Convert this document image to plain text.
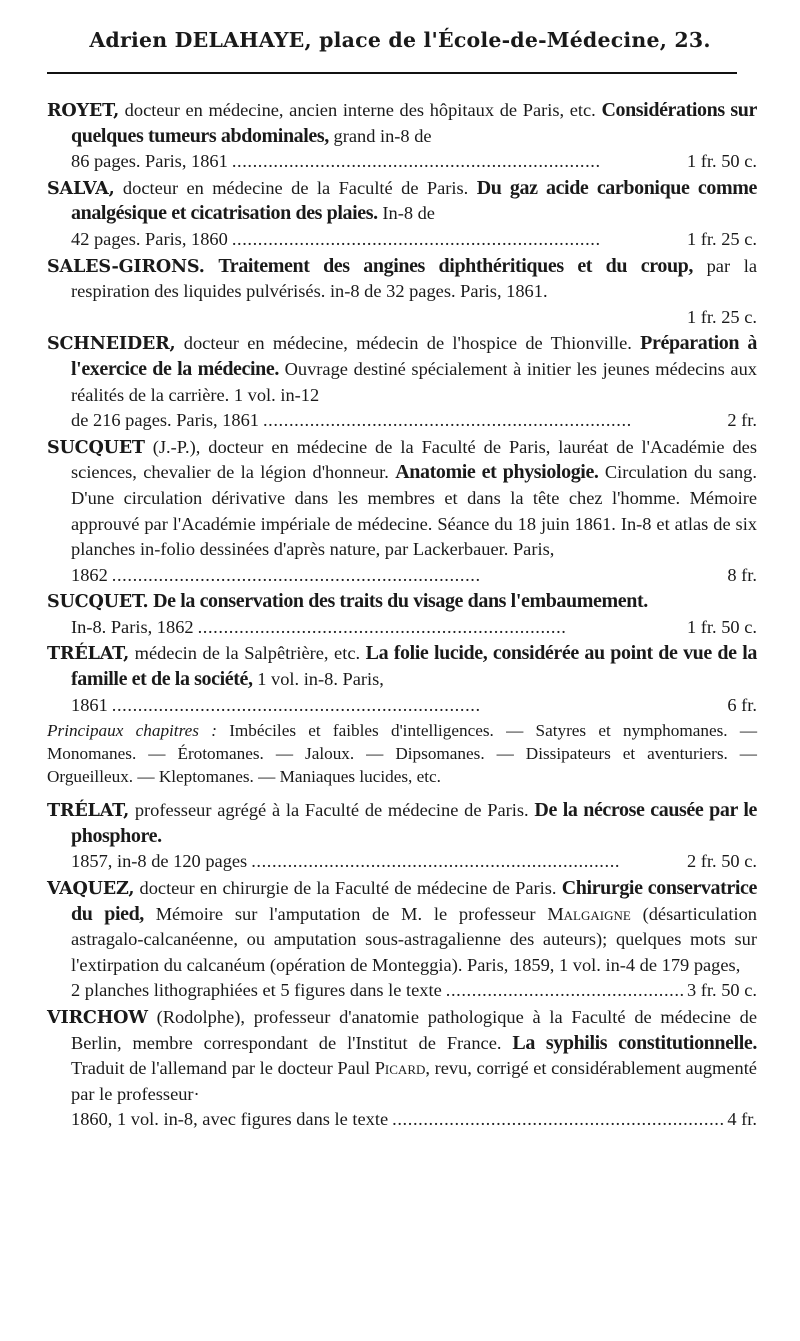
Adrien DELAHAYE, place de l'École-de-Médecine, 23.
ROYET, docteur en médecine, ancien interne des hôpitaux de Paris, etc. Considérations sur quelques tumeurs abdominales, grand in-8 de
86 pages. Paris, 1861 . . .	1 fr. 50 c.
SALVA, docteur en médecine de la Faculté de Paris. Du gaz acide carbonique comme analgésique et cicatrisation des plaies. In-8 de
42 pages. Paris, 1860 . . .	1 fr. 25 c.
SALES-GIRONS. Traitement des angines diphthéritiques et du croup, par la respiration des liquides pulvérisés. in-8 de 32 pages. Paris, 1861.
1 fr. 25 c.
SCHNEIDER, docteur en médecine, médecin de l'hospice de Thionville. Préparation à l'exercice de la médecine. Ouvrage destiné spécialement à initier les jeunes médecins aux réalités de la carrière. 1 vol. in-12
de 216 pages. Paris, 1861 . . .	2 fr.
SUCQUET (J.-P.), docteur en médecine de la Faculté de Paris, lauréat de l'Académie des sciences, chevalier de la légion d'honneur. Anatomie et physiologie. Circulation du sang. D'une circulation dérivative dans les membres et dans la tête chez l'homme. Mémoire approuvé par l'Académie impériale de médecine. Séance du 18 juin 1861. In-8 et atlas de six planches in-folio dessinées d'après nature, par Lackerbauer. Paris,
1862 . . .	8 fr.
SUCQUET. De la conservation des traits du visage dans l'embaumement.
In-8. Paris, 1862 . . .	1 fr. 50 c.
TRÉLAT, médecin de la Salpêtrière, etc. La folie lucide, considérée au point de vue de la famille et de la société, 1 vol. in-8. Paris,
1861 . . .	6 fr.
Principaux chapitres : Imbéciles et faibles d'intelligences. — Satyres et nymphomanes. — Monomanes. — Érotomanes. — Jaloux. — Dipsomanes. — Dissipateurs et aventuriers. — Orgueilleux. — Kleptomanes. — Maniaques lucides, etc.
TRÉLAT, professeur agrégé à la Faculté de médecine de Paris. De la nécrose causée par le phosphore.
1857, in-8 de 120 pages . . .	2 fr. 50 c.
VAQUEZ, docteur en chirurgie de la Faculté de médecine de Paris. Chirurgie conservatrice du pied, Mémoire sur l'amputation de M. le professeur Malgaigne (désarticulation astragalo-calcanéenne, ou amputation sous-astragalienne des auteurs); quelques mots sur l'extirpation du calcanéum (opération de Monteggia). Paris, 1859, 1 vol. in-4 de 179 pages,
2 planches lithographiées et 5 figures dans le texte . . .	3 fr. 50 c.
VIRCHOW (Rodolphe), professeur d'anatomie pathologique à la Faculté de médecine de Berlin, membre correspondant de l'Institut de France. La syphilis constitutionnelle. Traduit de l'allemand par le docteur Paul Picard, revu, corrigé et considérablement augmenté par le professeur·
1860, 1 vol. in-8, avec figures dans le texte . . .	4 fr.
